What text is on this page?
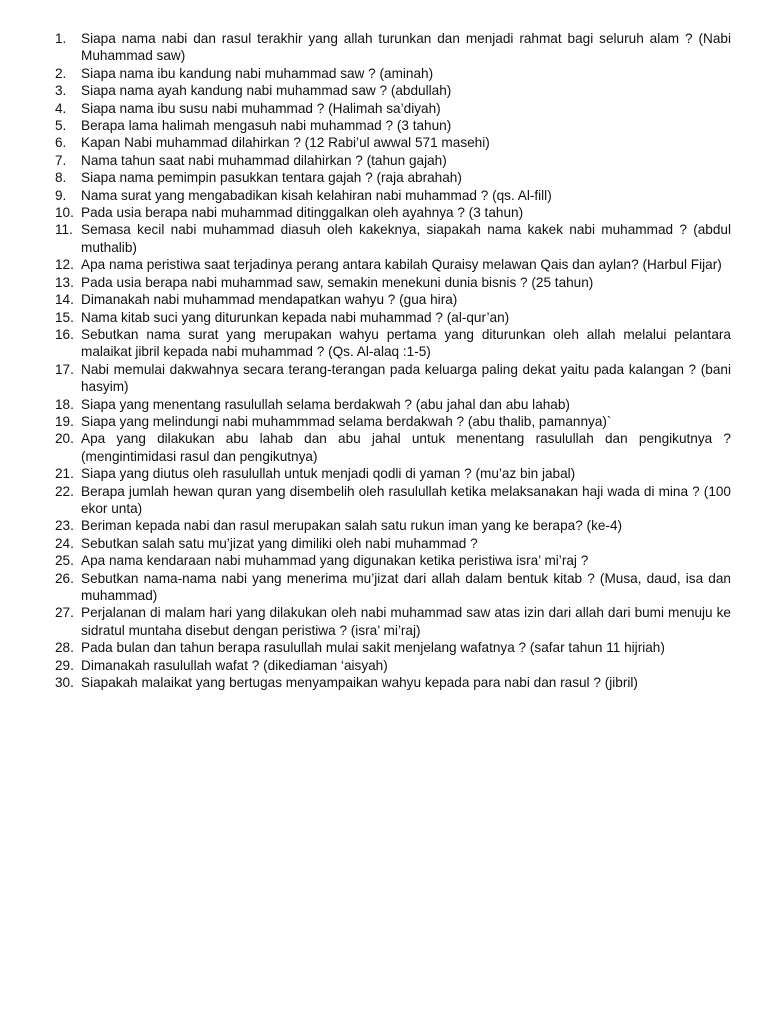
1.	Siapa nama nabi dan rasul terakhir yang allah turunkan dan menjadi rahmat bagi seluruh alam ? (Nabi Muhammad saw)
2.	Siapa nama ibu kandung nabi muhammad saw ? (aminah)
3.	Siapa nama ayah kandung nabi muhammad saw ? (abdullah)
4.	Siapa nama ibu susu nabi muhammad ? (Halimah sa’diyah)
5.	Berapa lama halimah mengasuh nabi muhammad ? (3 tahun)
6.	Kapan Nabi muhammad dilahirkan ? (12 Rabi’ul awwal 571 masehi)
7.	Nama tahun saat nabi muhammad dilahirkan ? (tahun gajah)
8.	Siapa nama pemimpin pasukkan tentara gajah ? (raja abrahah)
9.	Nama surat yang mengabadikan kisah kelahiran nabi muhammad ? (qs. Al-fill)
10. Pada usia berapa nabi muhammad ditinggalkan oleh ayahnya ? (3 tahun)
11. Semasa kecil nabi muhammad diasuh oleh kakeknya, siapakah nama kakek nabi muhammad ? (abdul muthalib)
12. Apa nama peristiwa saat terjadinya perang antara kabilah Quraisy melawan Qais dan aylan? (Harbul Fijar)
13. Pada usia berapa nabi muhammad saw, semakin menekuni dunia bisnis ? (25 tahun)
14. Dimanakah nabi muhammad mendapatkan wahyu ? (gua hira)
15. Nama kitab suci yang diturunkan kepada nabi muhammad ? (al-qur’an)
16. Sebutkan nama surat yang merupakan wahyu pertama yang diturunkan oleh allah melalui pelantara malaikat jibril kepada nabi muhammad ? (Qs. Al-alaq :1-5)
17. Nabi memulai dakwahnya secara terang-terangan pada keluarga paling dekat yaitu pada kalangan ? (bani hasyim)
18. Siapa yang menentang rasulullah selama berdakwah ? (abu jahal dan abu lahab)
19. Siapa yang melindungi nabi muhammmad selama berdakwah ? (abu thalib, pamannya)`
20. Apa yang dilakukan abu lahab dan abu jahal untuk menentang rasulullah dan pengikutnya ? (mengintimidasi rasul dan pengikutnya)
21. Siapa yang diutus oleh rasulullah untuk menjadi qodli di yaman ? (mu’az bin jabal)
22. Berapa jumlah hewan quran yang disembelih oleh rasulullah ketika melaksanakan haji wada di mina ? (100 ekor unta)
23. Beriman kepada nabi dan rasul merupakan salah satu rukun iman yang ke berapa? (ke-4)
24. Sebutkan salah satu mu’jizat yang dimiliki oleh nabi muhammad ?
25. Apa nama kendaraan nabi muhammad yang digunakan ketika peristiwa isra’ mi’raj ?
26. Sebutkan nama-nama nabi yang menerima mu’jizat dari allah dalam bentuk kitab ? (Musa, daud, isa dan muhammad)
27. Perjalanan di malam hari yang dilakukan oleh nabi muhammad saw atas izin dari allah dari bumi menuju ke sidratul muntaha disebut dengan peristiwa ? (isra’ mi’raj)
28. Pada bulan dan tahun berapa rasulullah mulai sakit menjelang wafatnya ? (safar tahun 11 hijriah)
29. Dimanakah rasulullah wafat ? (dikediaman ‘aisyah)
30. Siapakah malaikat yang bertugas menyampaikan wahyu kepada para nabi dan rasul ? (jibril)
